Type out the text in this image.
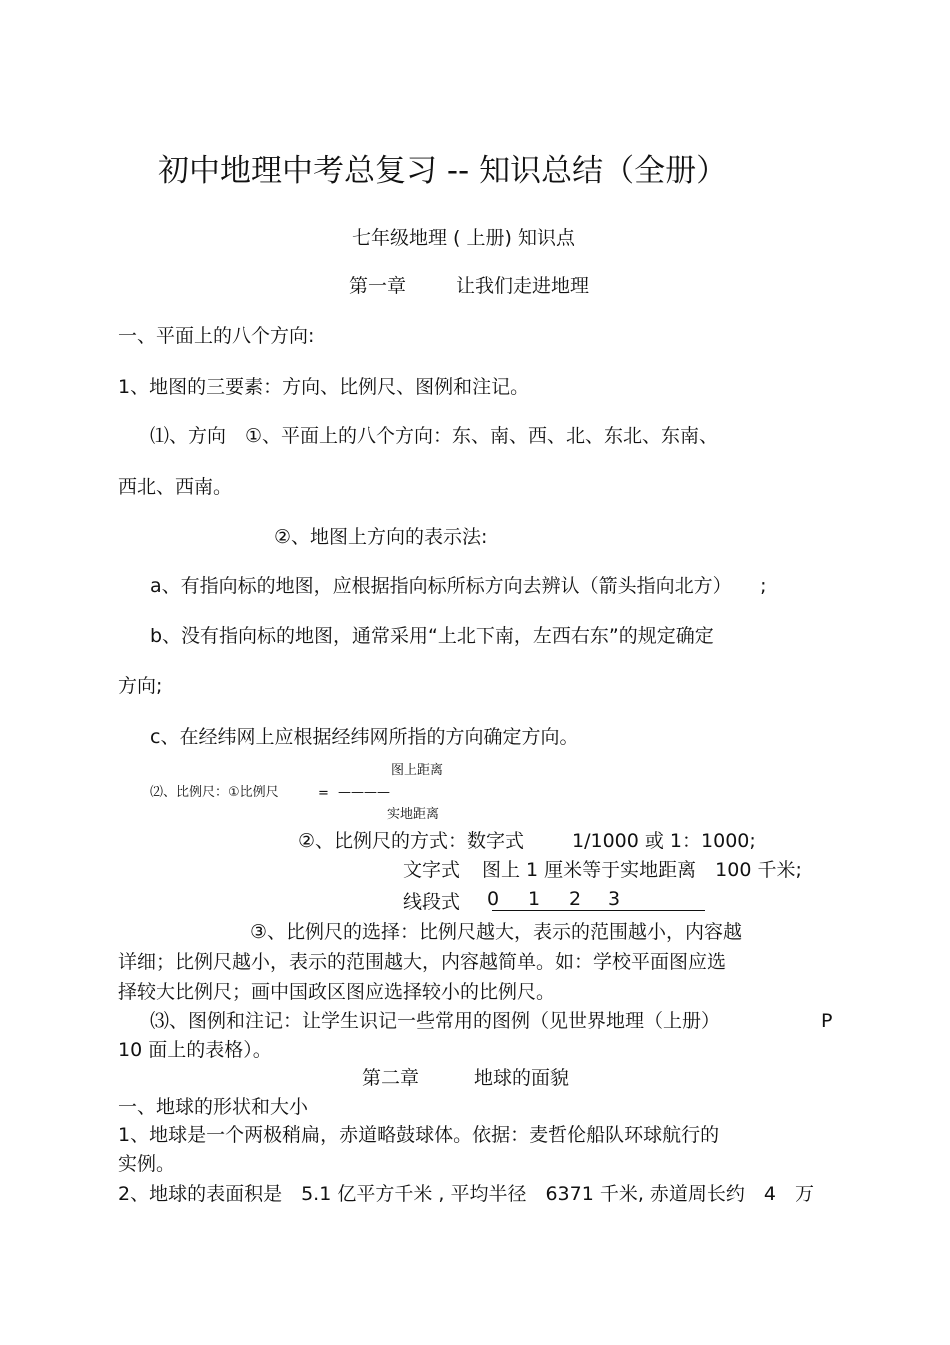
初中地理中考总复习 -- 知识总结（全册）
七年级地理 ( 上册) 知识点
第一章	让我们走进地理
一、平面上的八个方向:
1、地图的三要素：方向、比例尺、图例和注记。
⑴、方向　①、平面上的八个方向：东、南、西、北、东北、东南、
西北、西南。
②、地图上方向的表示法:
a、有指向标的地图，应根据指向标所标方向去辨认（箭头指向北方）　　;
b、没有指向标的地图，通常采用“上北下南，左西右东”的规定确定
方向;
c、在经纬网上应根据经纬网所指的方向确定方向。
图上距离
⑵、比例尺：①比例尺	= ————
实地距离
②、比例尺的方式：数字式	1/1000 或 1：1000;
文字式 图上 1 厘米等于实地距离　100 千米;
线段式 0 1 2 3
③、比例尺的选择：比例尺越大，表示的范围越小，内容越
详细；比例尺越小，表示的范围越大，内容越简单。如：学校平面图应选
择较大比例尺；画中国政区图应选择较小的比例尺。
⑶、图例和注记：让学生识记一些常用的图例（见世界地理（上册）	P
10 面上的表格）。
第二章	地球的面貌
一、地球的形状和大小
1、地球是一个两极稍扁，赤道略鼓球体。依据：麦哲伦船队环球航行的
实例。
2、地球的表面积是　5.1 亿平方千米 , 平均半径　6371 千米, 赤道周长约　4　万
